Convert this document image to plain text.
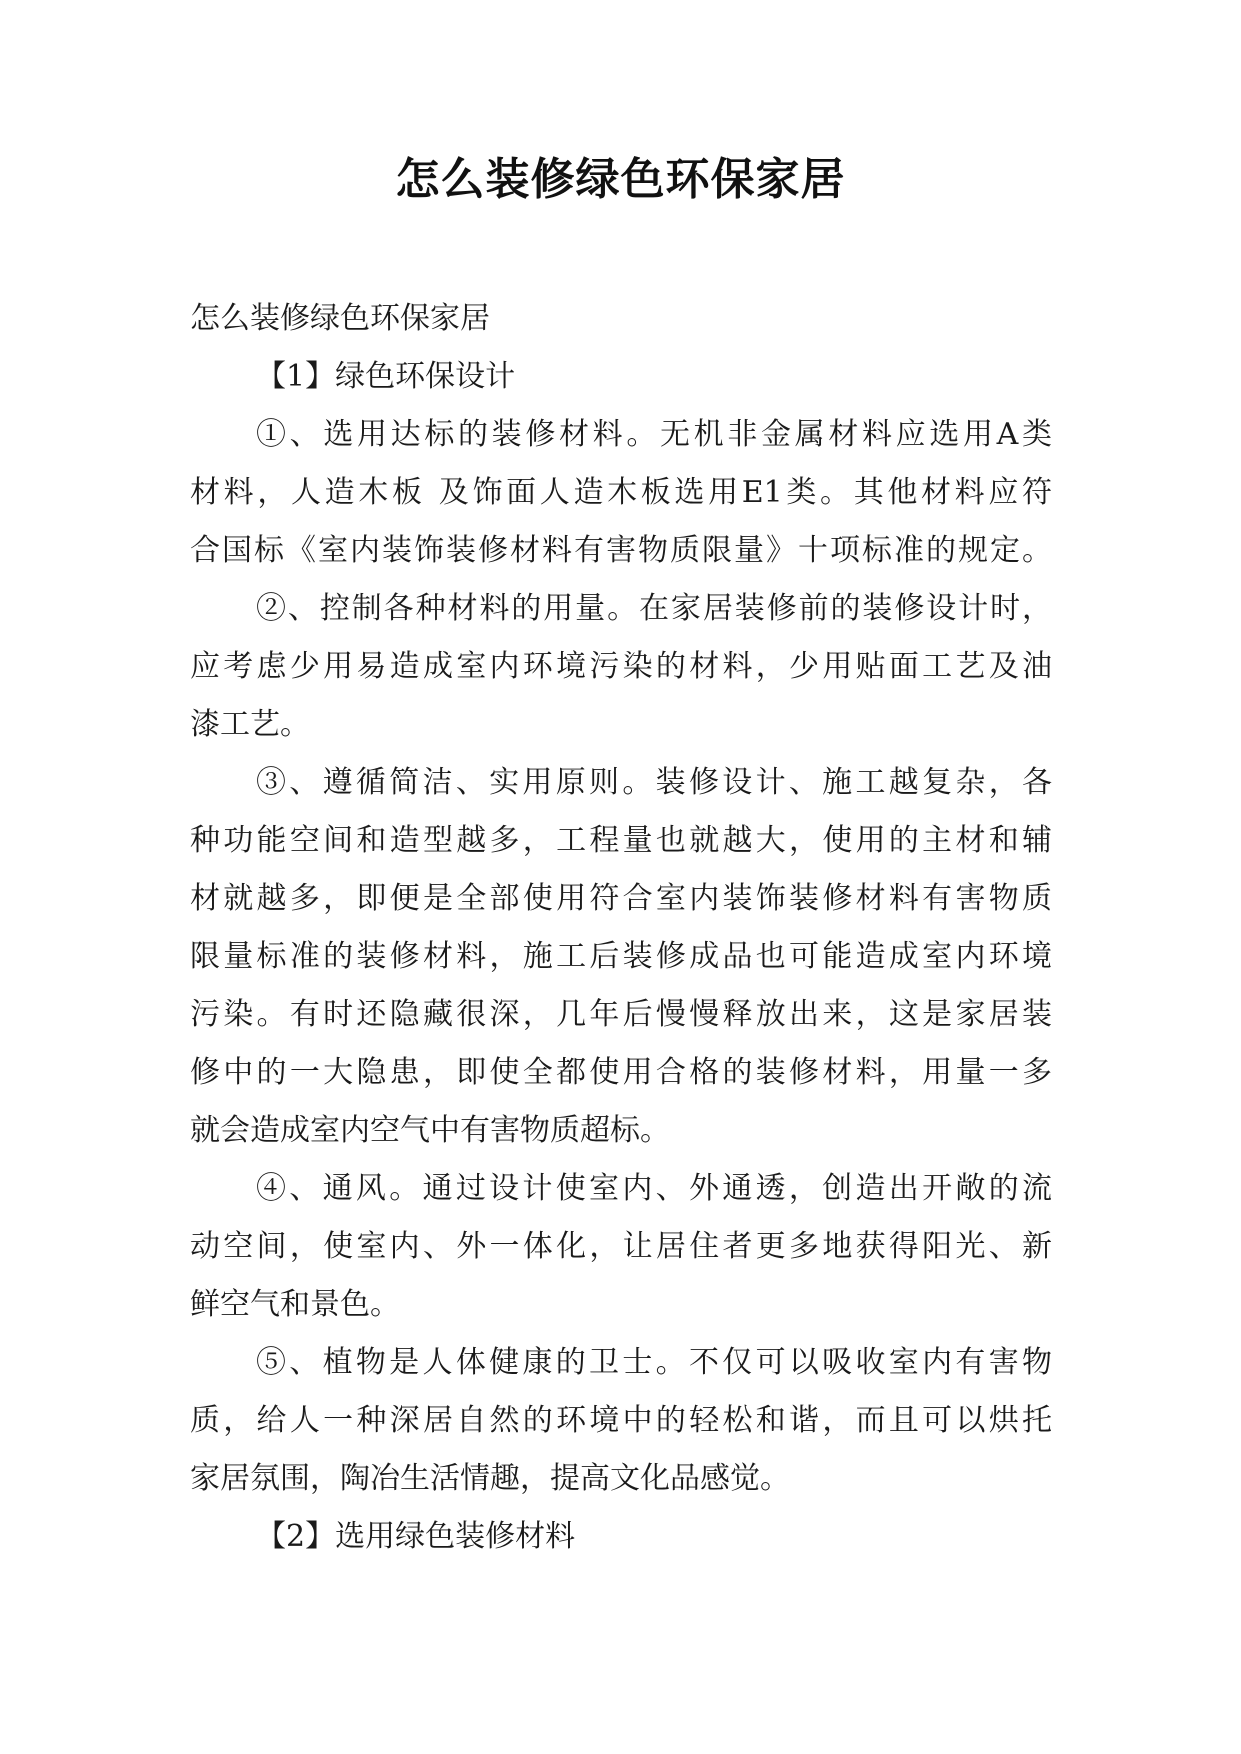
怎么装修绿色环保家居
怎么装修绿色环保家居
【1】绿色环保设计
①、选用达标的装修材料。无机非金属材料应选用A类
材料，人造木板 及饰面人造木板选用E1类。其他材料应符
合国标《室内装饰装修材料有害物质限量》十项标准的规定。
②、控制各种材料的用量。在家居装修前的装修设计时，
应考虑少用易造成室内环境污染的材料，少用贴面工艺及油
漆工艺。
③、遵循简洁、实用原则。装修设计、施工越复杂，各
种功能空间和造型越多，工程量也就越大，使用的主材和辅
材就越多，即便是全部使用符合室内装饰装修材料有害物质
限量标准的装修材料，施工后装修成品也可能造成室内环境
污染。有时还隐藏很深，几年后慢慢释放出来，这是家居装
修中的一大隐患，即使全都使用合格的装修材料，用量一多
就会造成室内空气中有害物质超标。
④、通风。通过设计使室内、外通透，创造出开敞的流
动空间，使室内、外一体化，让居住者更多地获得阳光、新
鲜空气和景色。
⑤、植物是人体健康的卫士。不仅可以吸收室内有害物
质，给人一种深居自然的环境中的轻松和谐，而且可以烘托
家居氛围，陶冶生活情趣，提高文化品感觉。
【2】选用绿色装修材料
